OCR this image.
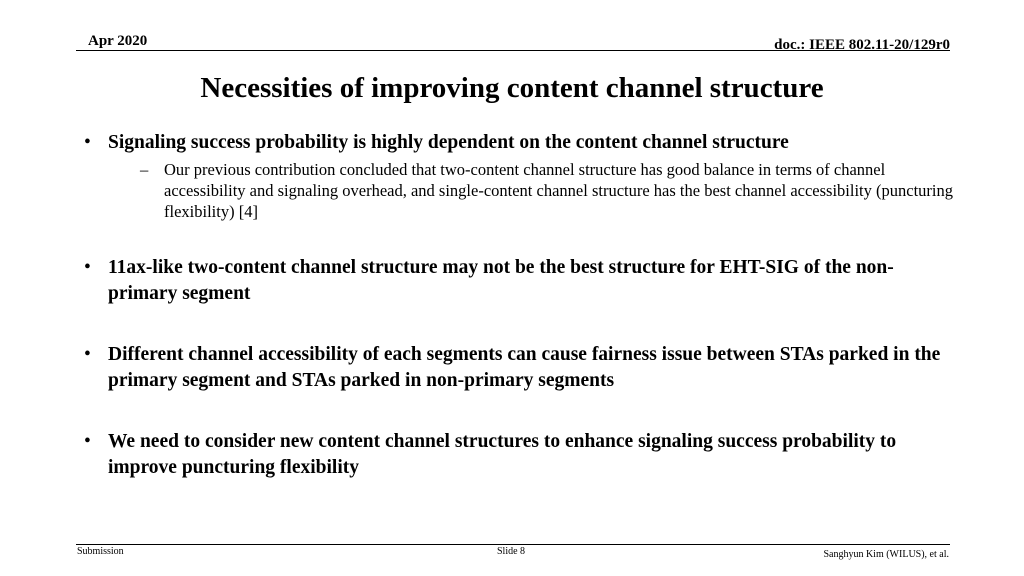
Apr 2020	doc.: IEEE 802.11-20/129r0
Necessities of improving content channel structure
• Signaling success probability is highly dependent on the content channel structure
– Our previous contribution concluded that two-content channel structure has good balance in terms of channel accessibility and signaling overhead, and single-content channel structure has the best channel accessibility (puncturing flexibility) [4]
• 11ax-like two-content channel structure may not be the best structure for EHT-SIG of the non-primary segment
• Different channel accessibility of each segments can cause fairness issue between STAs parked in the primary segment and STAs parked in non-primary segments
• We need to consider new content channel structures to enhance signaling success probability to improve puncturing flexibility
Submission	Slide 8	Sanghyun Kim (WILUS), et al.
